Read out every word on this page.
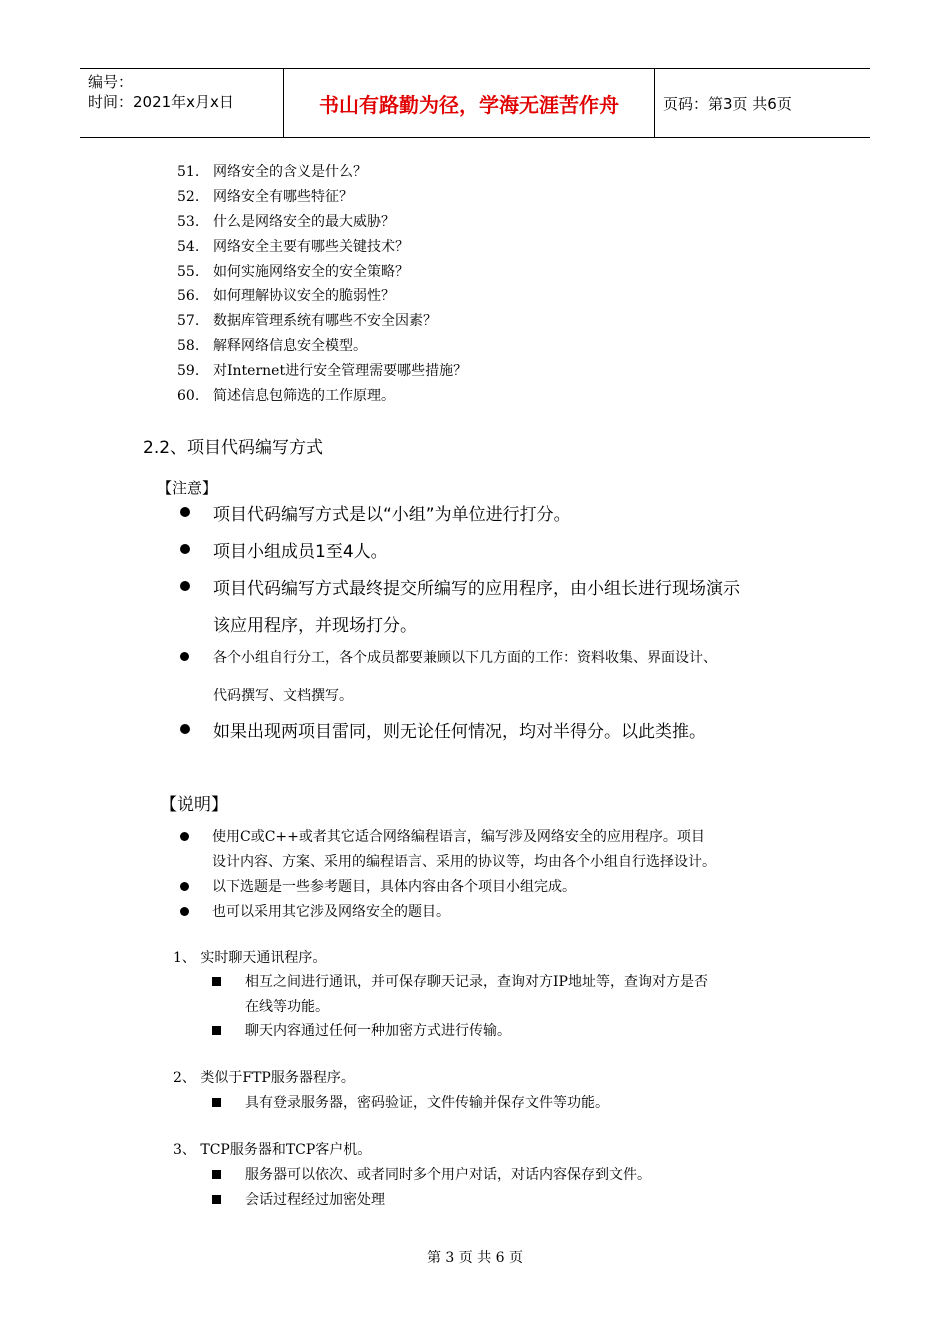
编号：
时间：2021年x月x日	书山有路勤为径，学海无涯苦作舟	页码：第3页 共6页
51. 网络安全的含义是什么？
52. 网络安全有哪些特征？
53. 什么是网络安全的最大威胁？
54. 网络安全主要有哪些关键技术？
55. 如何实施网络安全的安全策略？
56. 如何理解协议安全的脆弱性？
57. 数据库管理系统有哪些不安全因素？
58. 解释网络信息安全模型。
59. 对Internet进行安全管理需要哪些措施？
60. 简述信息包筛选的工作原理。
2.2、项目代码编写方式
【注意】
项目代码编写方式是以“小组”为单位进行打分。
项目小组成员1至4人。
项目代码编写方式最终提交所编写的应用程序，由小组长进行现场演示
该应用程序，并现场打分。
各个小组自行分工，各个成员都要兼顾以下几方面的工作：资料收集、界面设计、
代码撰写、文档撰写。
如果出现两项目雷同，则无论任何情况，均对半得分。以此类推。
【说明】
使用C或C++或者其它适合网络编程语言，编写涉及网络安全的应用程序。项目
设计内容、方案、采用的编程语言、采用的协议等，均由各个小组自行选择设计。
以下选题是一些参考题目，具体内容由各个项目小组完成。
也可以采用其它涉及网络安全的题目。
1、 实时聊天通讯程序。
相互之间进行通讯，并可保存聊天记录，查询对方IP地址等，查询对方是否
在线等功能。
聊天内容通过任何一种加密方式进行传输。
2、 类似于FTP服务器程序。
具有登录服务器，密码验证，文件传输并保存文件等功能。
3、 TCP服务器和TCP客户机。
服务器可以依次、或者同时多个用户对话，对话内容保存到文件。
会话过程经过加密处理
第 3 页 共 6 页
